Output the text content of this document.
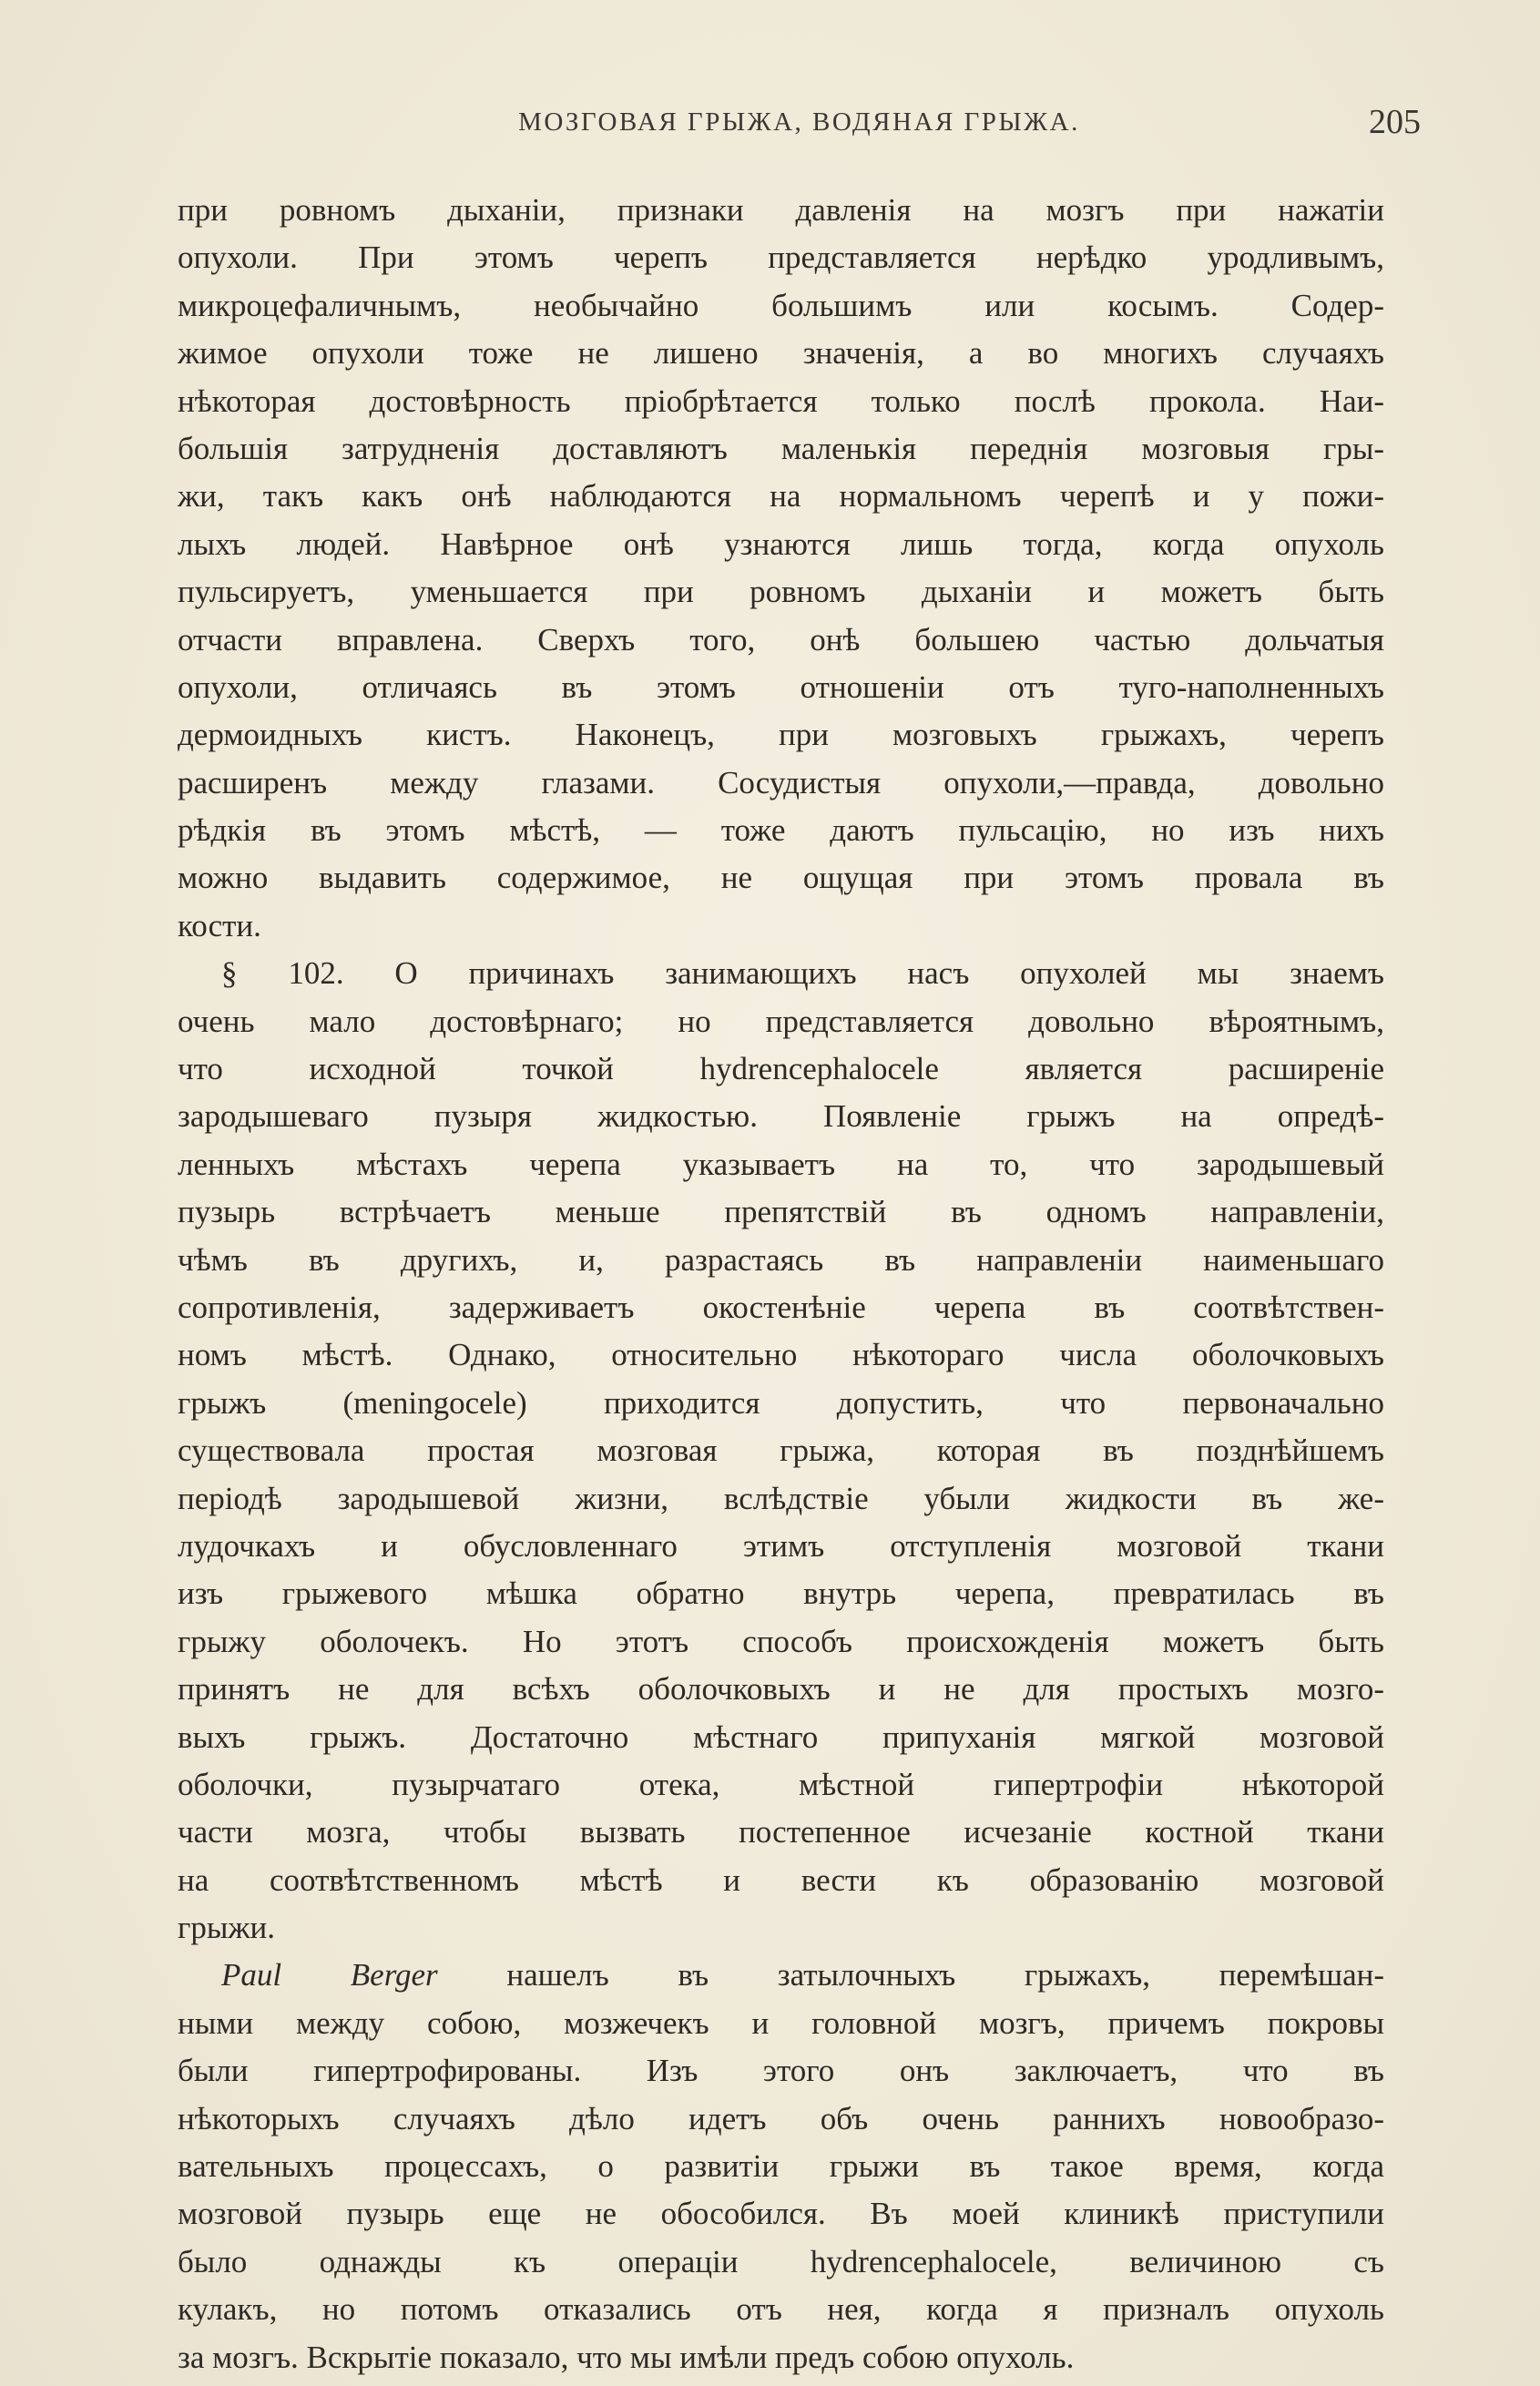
МОЗГОВАЯ ГРЫЖА, ВОДЯНАЯ ГРЫЖА.	205
при ровномъ дыханіи, признаки давленія на мозгъ при нажатіи
опухоли. При этомъ черепъ представляется нерѣдко уродливымъ,
микроцефаличнымъ, необычайно большимъ или косымъ. Содер-
жимое опухоли тоже не лишено значенія, а во многихъ случаяхъ
нѣкоторая достовѣрность пріобрѣтается только послѣ прокола. Наи-
большія затрудненія доставляютъ маленькія переднія мозговыя гры-
жи, такъ какъ онѣ наблюдаются на нормальномъ черепѣ и у пожи-
лыхъ людей. Навѣрное онѣ узнаются лишь тогда, когда опухоль
пульсируетъ, уменьшается при ровномъ дыханіи и можетъ быть
отчасти вправлена. Сверхъ того, онѣ большею частью дольчатыя
опухоли, отличаясь въ этомъ отношеніи отъ туго-наполненныхъ
дермоидныхъ кистъ. Наконецъ, при мозговыхъ грыжахъ, черепъ
расширенъ между глазами. Сосудистыя опухоли,—правда, довольно
рѣдкія въ этомъ мѣстѣ, — тоже даютъ пульсацію, но изъ нихъ
можно выдавить содержимое, не ощущая при этомъ провала въ
кости.
§ 102. О причинахъ занимающихъ насъ опухолей мы знаемъ
очень мало достовѣрнаго; но представляется довольно вѣроятнымъ,
что исходной точкой hydrencephalocele является расширеніе
зародышеваго пузыря жидкостью. Появленіе грыжъ на опредѣ-
ленныхъ мѣстахъ черепа указываетъ на то, что зародышевый
пузырь встрѣчаетъ меньше препятствій въ одномъ направленіи,
чѣмъ въ другихъ, и, разрастаясь въ направленіи наименьшаго
сопротивленія, задерживаетъ окостенѣніе черепа въ соотвѣтствен-
номъ мѣстѣ. Однако, относительно нѣкотораго числа оболочковыхъ
грыжъ (meningocele) приходится допустить, что первоначально
существовала простая мозговая грыжа, которая въ позднѣйшемъ
періодѣ зародышевой жизни, вслѣдствіе убыли жидкости въ же-
лудочкахъ и обусловленнаго этимъ отступленія мозговой ткани
изъ грыжевого мѣшка обратно внутрь черепа, превратилась въ
грыжу оболочекъ. Но этотъ способъ происхожденія можетъ быть
принятъ не для всѣхъ оболочковыхъ и не для простыхъ мозго-
выхъ грыжъ. Достаточно мѣстнаго припуханія мягкой мозговой
оболочки, пузырчатаго отека, мѣстной гипертрофіи нѣкоторой
части мозга, чтобы вызвать постепенное исчезаніе костной ткани
на соотвѣтственномъ мѣстѣ и вести къ образованію мозговой
грыжи.
Paul Berger нашелъ въ затылочныхъ грыжахъ, перемѣшан-
ными между собою, мозжечекъ и головной мозгъ, причемъ покровы
были гипертрофированы. Изъ этого онъ заключаетъ, что въ
нѣкоторыхъ случаяхъ дѣло идетъ объ очень раннихъ новообразо-
вательныхъ процессахъ, о развитіи грыжи въ такое время, когда
мозговой пузырь еще не обособился. Въ моей клиникѣ приступили
было однажды къ операціи hydrencephalocele, величиною съ
кулакъ, но потомъ отказались отъ нея, когда я призналъ опухоль
за мозгъ. Вскрытіе показало, что мы имѣли предъ собою опухоль.
